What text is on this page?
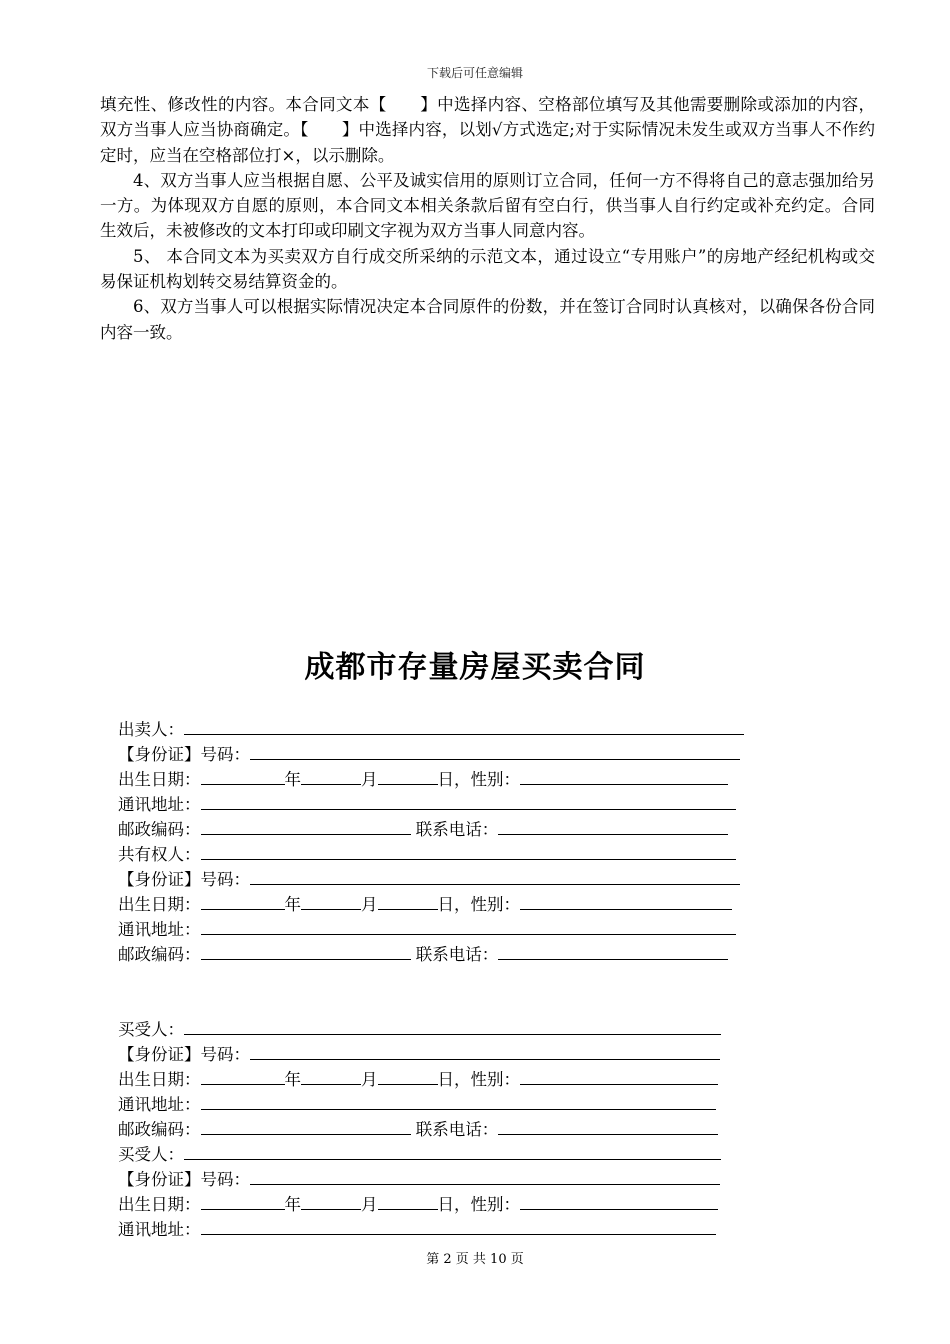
下载后可任意编辑

填充性、修改性的内容。本合同文本【　　】中选择内容、空格部位填写及其他需要删除或添加的内容，双方当事人应当协商确定。【　　】中选择内容，以划√方式选定;对于实际情况未发生或双方当事人不作约定时，应当在空格部位打×，以示删除。

4、双方当事人应当根据自愿、公平及诚实信用的原则订立合同，任何一方不得将自己的意志强加给另一方。为体现双方自愿的原则，本合同文本相关条款后留有空白行，供当事人自行约定或补充约定。合同生效后，未被修改的文本打印或印刷文字视为双方当事人同意内容。

5、 本合同文本为买卖双方自行成交所采纳的示范文本，通过设立“专用账户”的房地产经纪机构或交易保证机构划转交易结算资金的。

6、双方当事人可以根据实际情况决定本合同原件的份数，并在签订合同时认真核对，以确保各份合同内容一致。

成都市存量房屋买卖合同
出卖人：
【身份证】号码：
出生日期：	年	月	日，性别：
通讯地址：
邮政编码：	联系电话：
共有权人：
【身份证】号码：
出生日期：	年	月	日，性别：
通讯地址：
邮政编码：	联系电话：
买受人：
【身份证】号码：
出生日期：	年	月	日，性别：
通讯地址：
邮政编码：	联系电话：
买受人：
【身份证】号码：
出生日期：	年	月	日，性别：
通讯地址：
第 2 页 共 10 页
